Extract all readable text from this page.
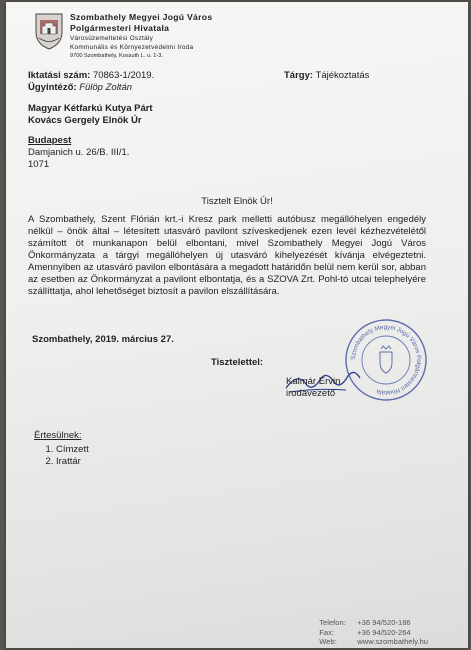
Szombathely Megyei Jogú Város
Polgármesteri Hivatala
Városüzemeltetési Osztály
Kommunális és Környezetvédelmi Iroda
9700 Szombathely, Kossuth L. u. 1-3.
Iktatási szám: 70863-1/2019.
Ügyintéző: Fülöp Zoltán
Tárgy: Tájékoztatás
Magyar Kétfarkú Kutya Párt
Kovács Gergely Elnök Úr
Budapest
Damjanich u. 26/B. III/1.
1071
Tisztelt Elnök Úr!
A Szombathely, Szent Flórián krt.-i Kresz park melletti autóbusz megállóhelyen engedély nélkül – önök által – létesített utasváró pavilont szíveskedjenek ezen levél kézhezvételétől számított öt munkanapon belül elbontani, mivel Szombathely Megyei Jogú Város Önkormányzata a tárgyi megállóhelyen új utasváró kihelyezését kívánja elvégeztetni. Amennyiben az utasváró pavilon elbontására a megadott határidőn belül nem kerül sor, abban az esetben az Önkormányzat a pavilont elbontatja, és a SZOVA Zrt. Pohl-tó utcai telephelyére szállíttatja, ahol lehetőséget biztosít a pavilon elszállítására.
Szombathely, 2019. március 27.
Tisztelettel:
Kalmár Ervin
irodavezető
Szombathely Megyei Jogú Város Polgármesteri Hivatala
Értesülnek:
1. Címzett
2. Irattár
Telefon:	+36 94/520-186
Fax:	+36 94/520-264
Web:	www.szombathely.hu
